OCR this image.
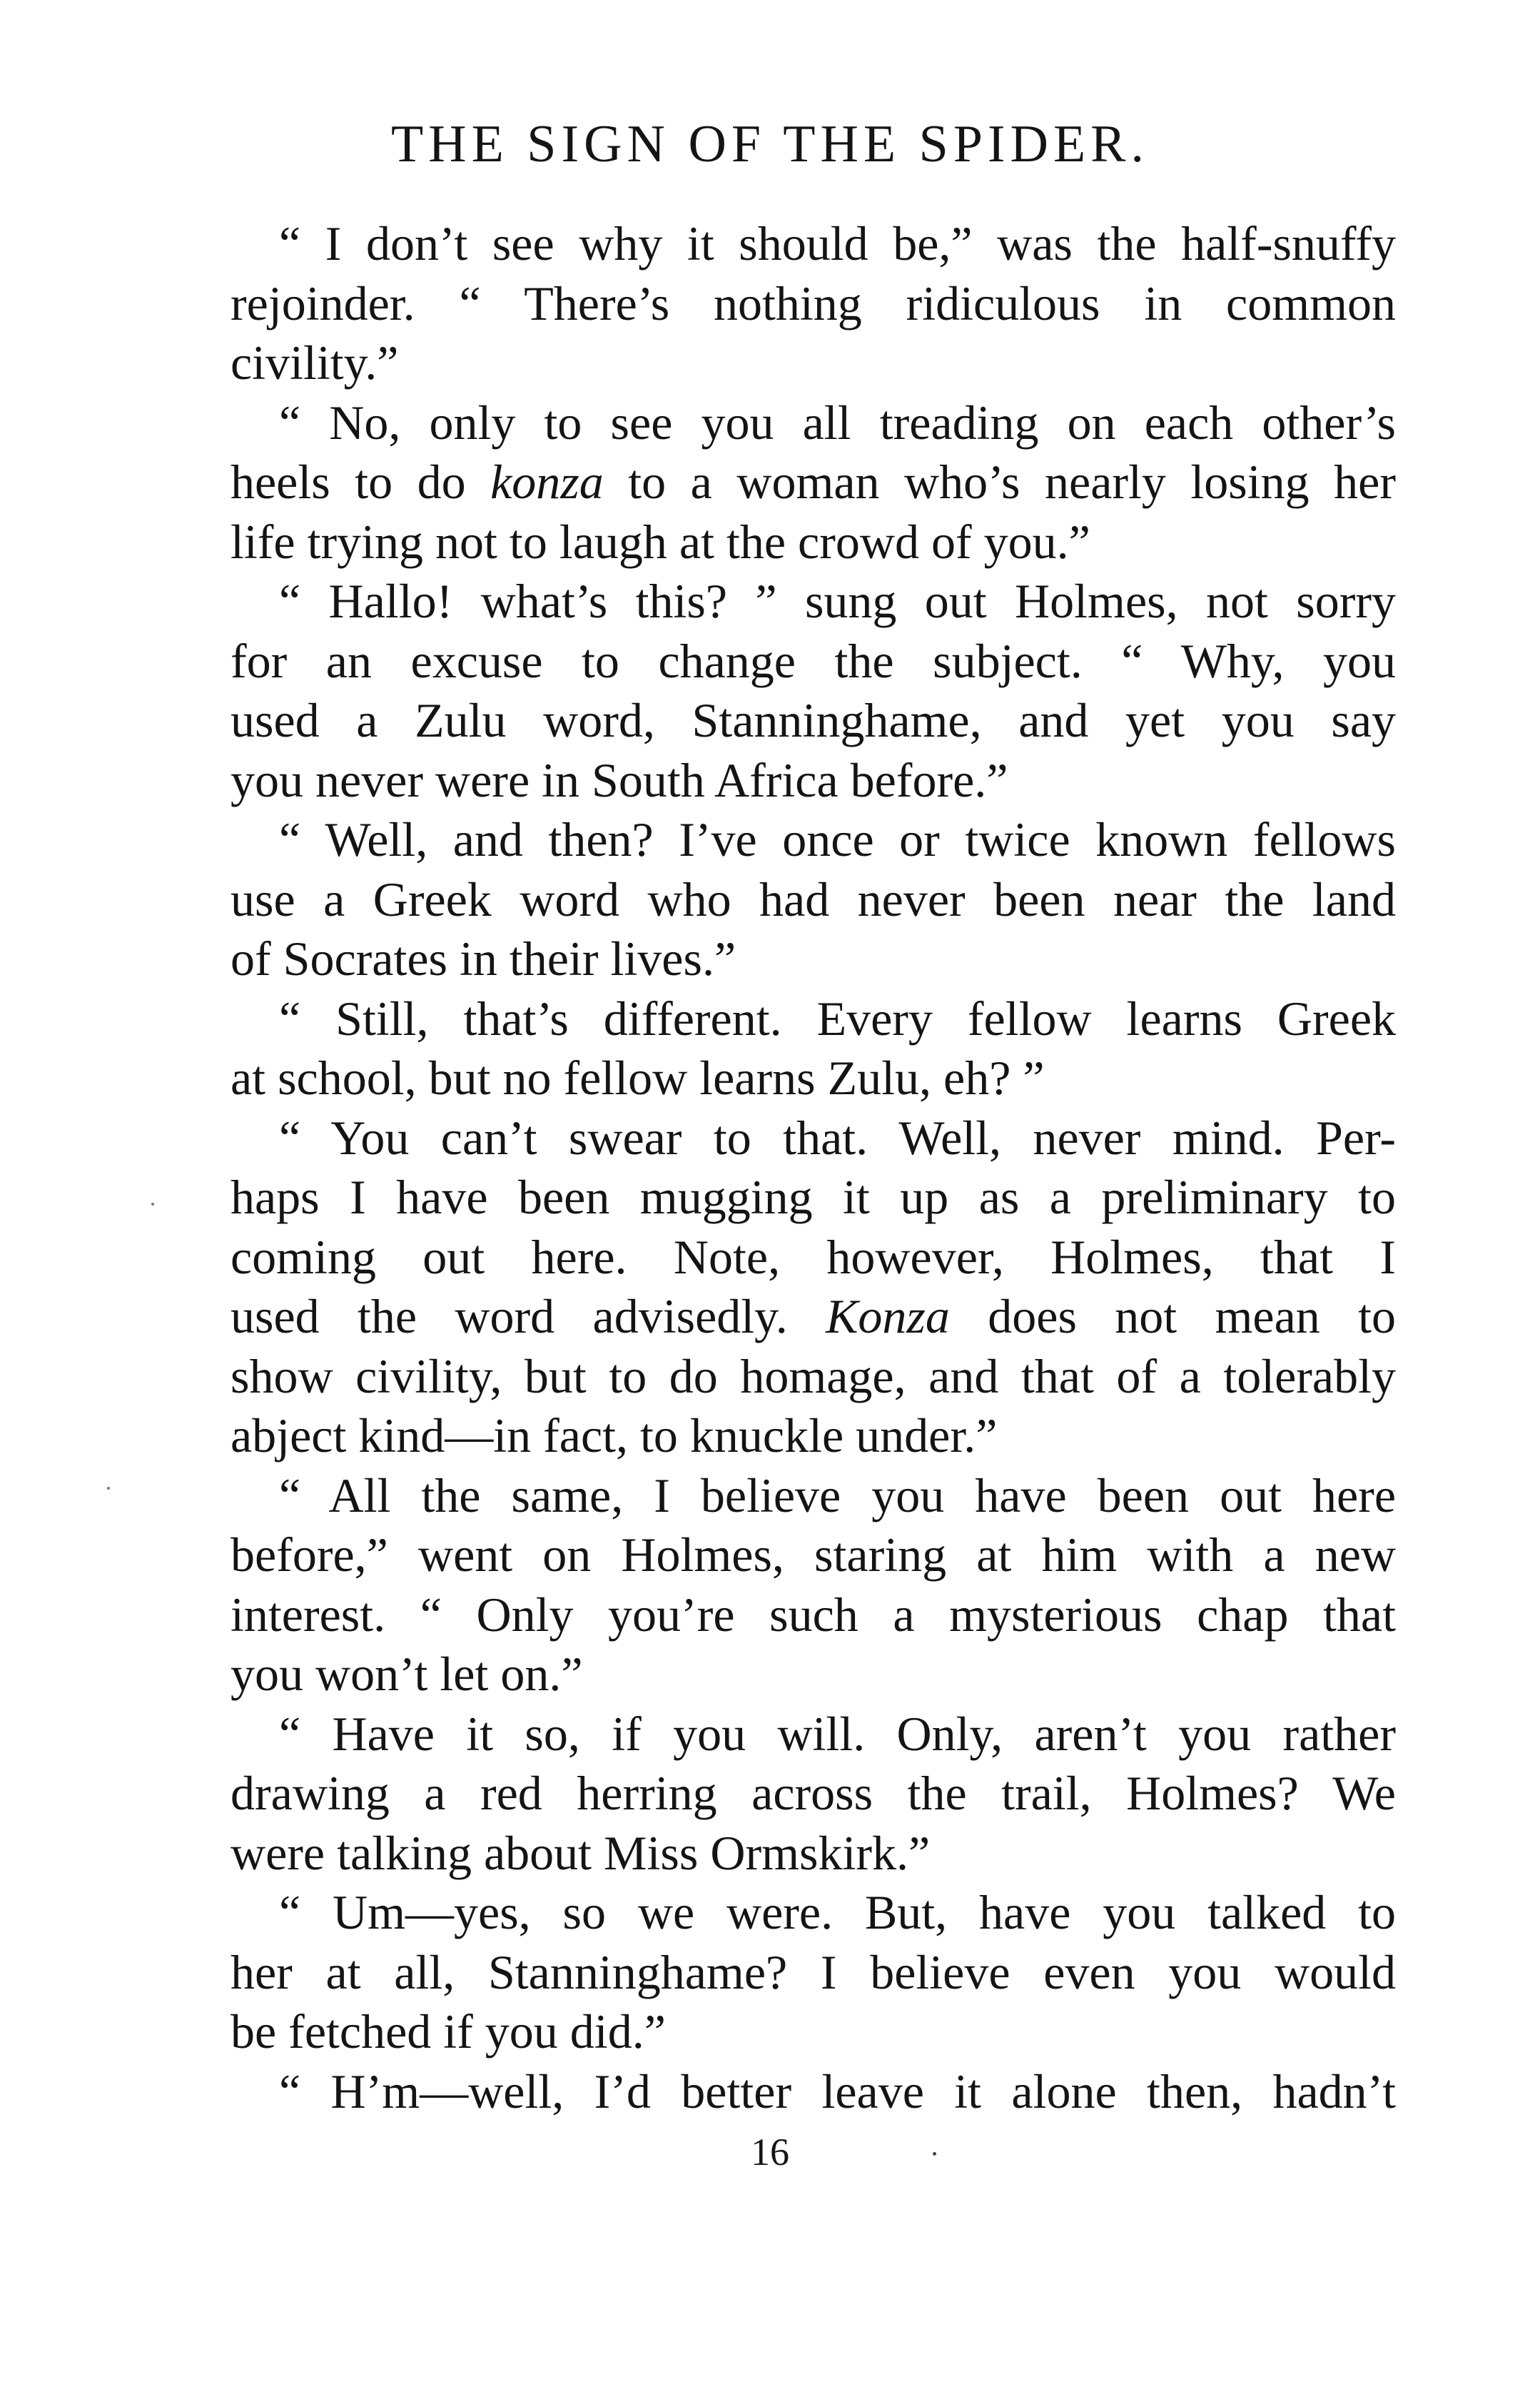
THE SIGN OF THE SPIDER.

“ I don’t see why it should be,” was the half-snuffy
rejoinder. “ There’s nothing ridiculous in common
civility.”

“ No, only to see you all treading on each other’s
heels to do konza to a woman who’s nearly losing her
life trying not to laugh at the crowd of you.”

“ Hallo! what’s this? ” sung out Holmes, not sorry
for an excuse to change the subject. “ Why, you
used a Zulu word, Stanninghame, and yet you say
you never were in South Africa before.”

“ Well, and then? I’ve once or twice known fellows
use a Greek word who had never been near the land
of Socrates in their lives.”

“ Still, that’s different. Every fellow learns Greek
at school, but no fellow learns Zulu, eh? ”

“ You can’t swear to that. Well, never mind. Per-
haps I have been mugging it up as a preliminary to
coming out here. Note, however, Holmes, that I
used the word advisedly. Konza does not mean to
show civility, but to do homage, and that of a tolerably
abject kind—in fact, to knuckle under.”

“ All the same, I believe you have been out here
before,” went on Holmes, staring at him with a new
interest. “ Only you’re such a mysterious chap that
you won’t let on.”

“ Have it so, if you will. Only, aren’t you rather
drawing a red herring across the trail, Holmes? We
were talking about Miss Ormskirk.”

“ Um—yes, so we were. But, have you talked to
her at all, Stanninghame? I believe even you would
be fetched if you did.”

“ H’m—well, I’d better leave it alone then, hadn’t

16
